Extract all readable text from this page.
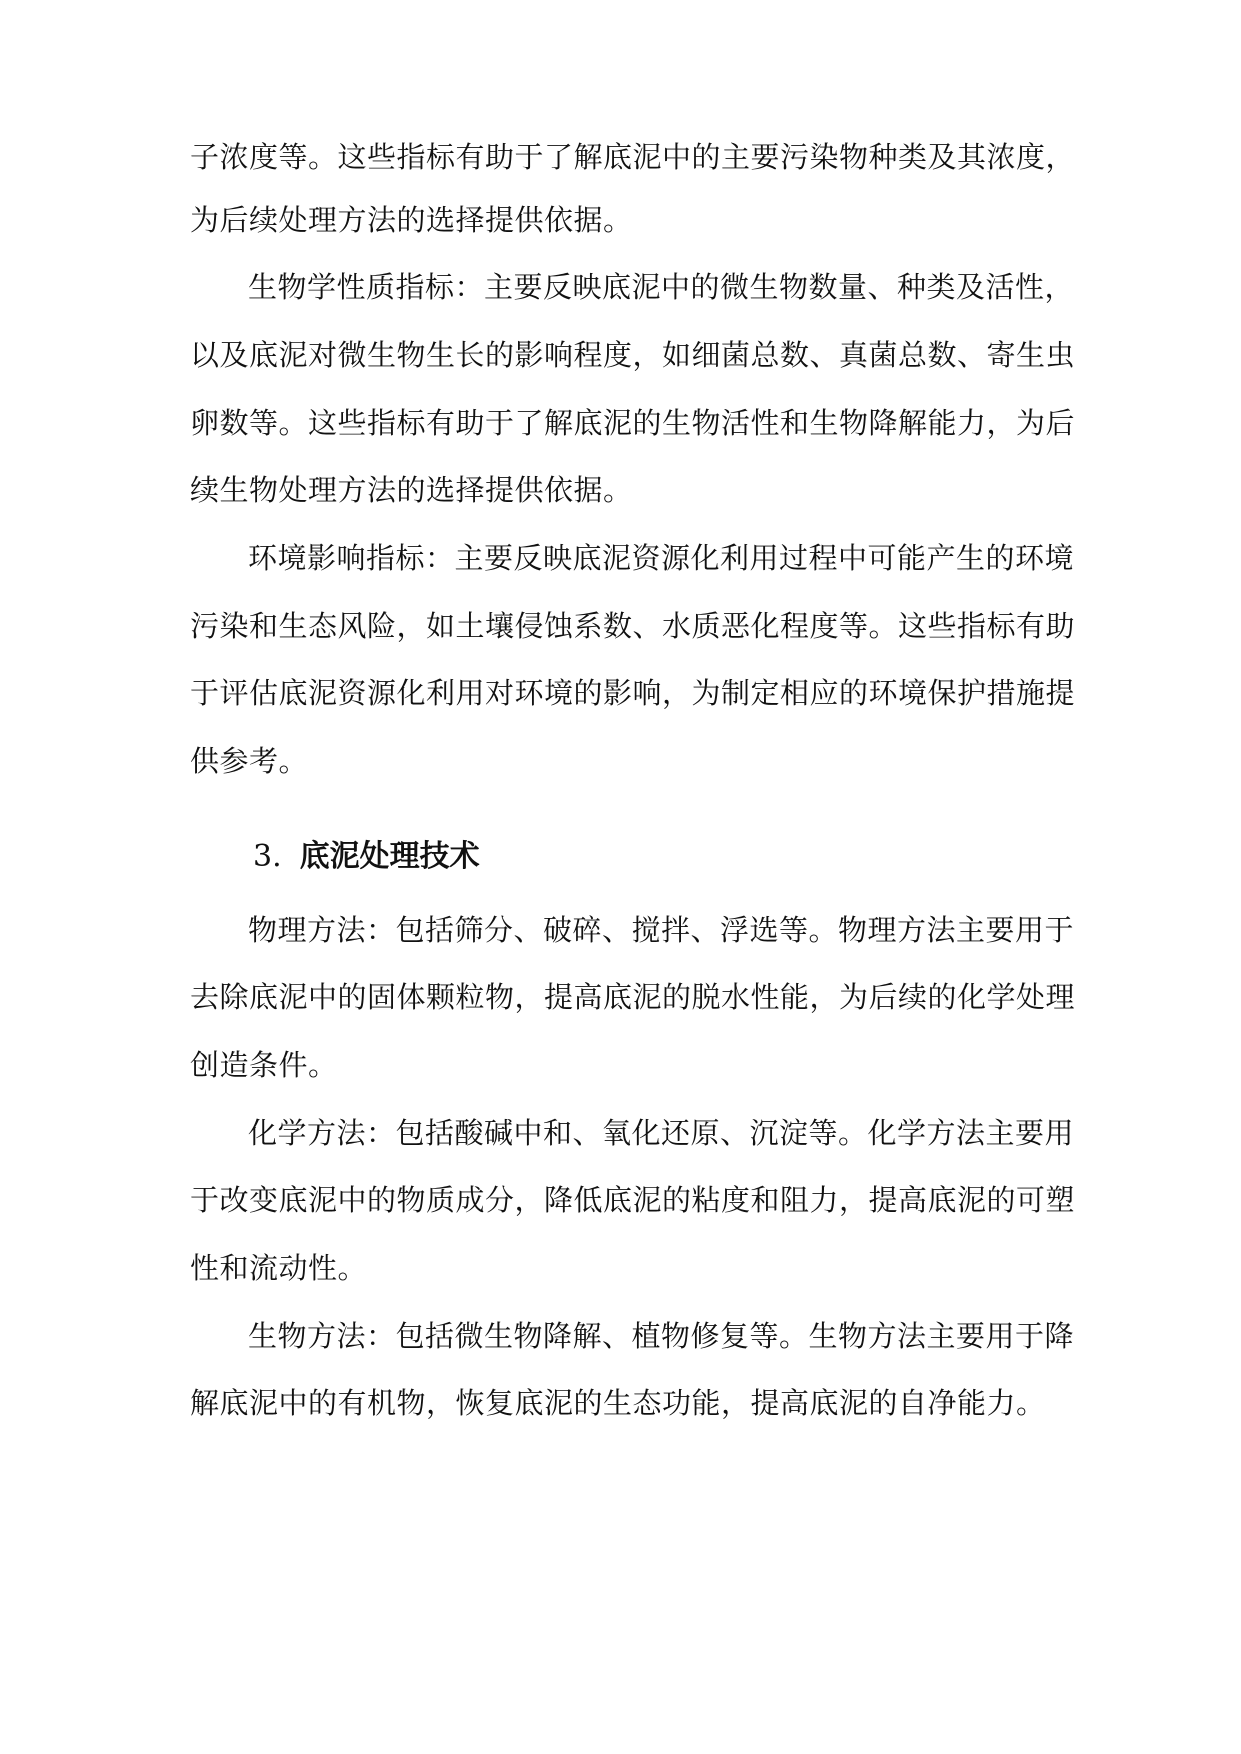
子浓度等。这些指标有助于了解底泥中的主要污染物种类及其浓度，
为后续处理方法的选择提供依据。
生物学性质指标：主要反映底泥中的微生物数量、种类及活性，
以及底泥对微生物生长的影响程度，如细菌总数、真菌总数、寄生虫
卵数等。这些指标有助于了解底泥的生物活性和生物降解能力，为后
续生物处理方法的选择提供依据。
环境影响指标：主要反映底泥资源化利用过程中可能产生的环境
污染和生态风险，如土壤侵蚀系数、水质恶化程度等。这些指标有助
于评估底泥资源化利用对环境的影响，为制定相应的环境保护措施提
供参考。
3. 底泥处理技术
物理方法：包括筛分、破碎、搅拌、浮选等。物理方法主要用于
去除底泥中的固体颗粒物，提高底泥的脱水性能，为后续的化学处理
创造条件。
化学方法：包括酸碱中和、氧化还原、沉淀等。化学方法主要用
于改变底泥中的物质成分，降低底泥的粘度和阻力，提高底泥的可塑
性和流动性。
生物方法：包括微生物降解、植物修复等。生物方法主要用于降
解底泥中的有机物，恢复底泥的生态功能，提高底泥的自净能力。
